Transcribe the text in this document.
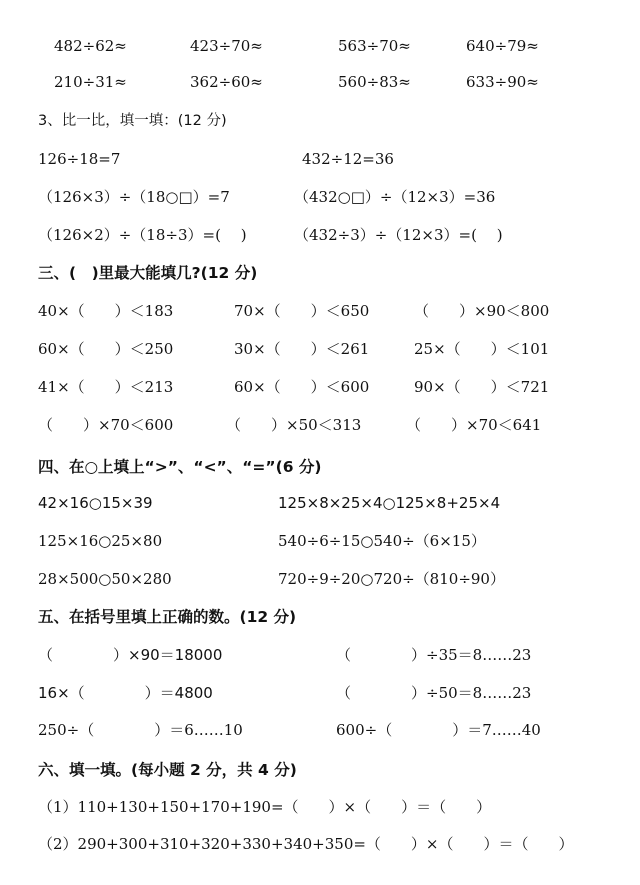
482÷62≈	423÷70≈	563÷70≈	640÷79≈
210÷31≈	362÷60≈	560÷83≈	633÷90≈
3、比一比，填一填：(12 分)
126÷18=7	432÷12=36
（126×3）÷（18○□）=7	（432○□）÷（12×3）=36
（126×2）÷（18÷3）=(　 )	（432÷3）÷（12×3）=(　 )
三、(　)里最大能填几?(12 分)
40×（　　）＜183	70×（　　）＜650	（　　）×90＜800
60×（　　）＜250	30×（　　）＜261	25×（　　）＜101
41×（　　）＜213	60×（　　）＜600	90×（　　）＜721
（　　）×70＜600	（　　）×50＜313	（　　）×70＜641
四、在○上填上“>”、“<”、“=”(6 分)
42×16○15×39	125×8×25×4○125×8+25×4
125×16○25×80	540÷6÷15○540÷（6×15）
28×500○50×280	720÷9÷20○720÷（810÷90）
五、在括号里填上正确的数。(12 分)
（　　　　）×90＝18000	（　　　　）÷35＝8……23
16×（　　　　）＝4800	（　　　　）÷50＝8……23
250÷（　　　　）＝6……10	600÷（　　　　）＝7……40
六、填一填。(每小题 2 分，共 4 分)
（1）110+130+150+170+190=（　　）×（　　）＝（　　）
（2）290+300+310+320+330+340+350=（　　）×（　　）＝（　　）
